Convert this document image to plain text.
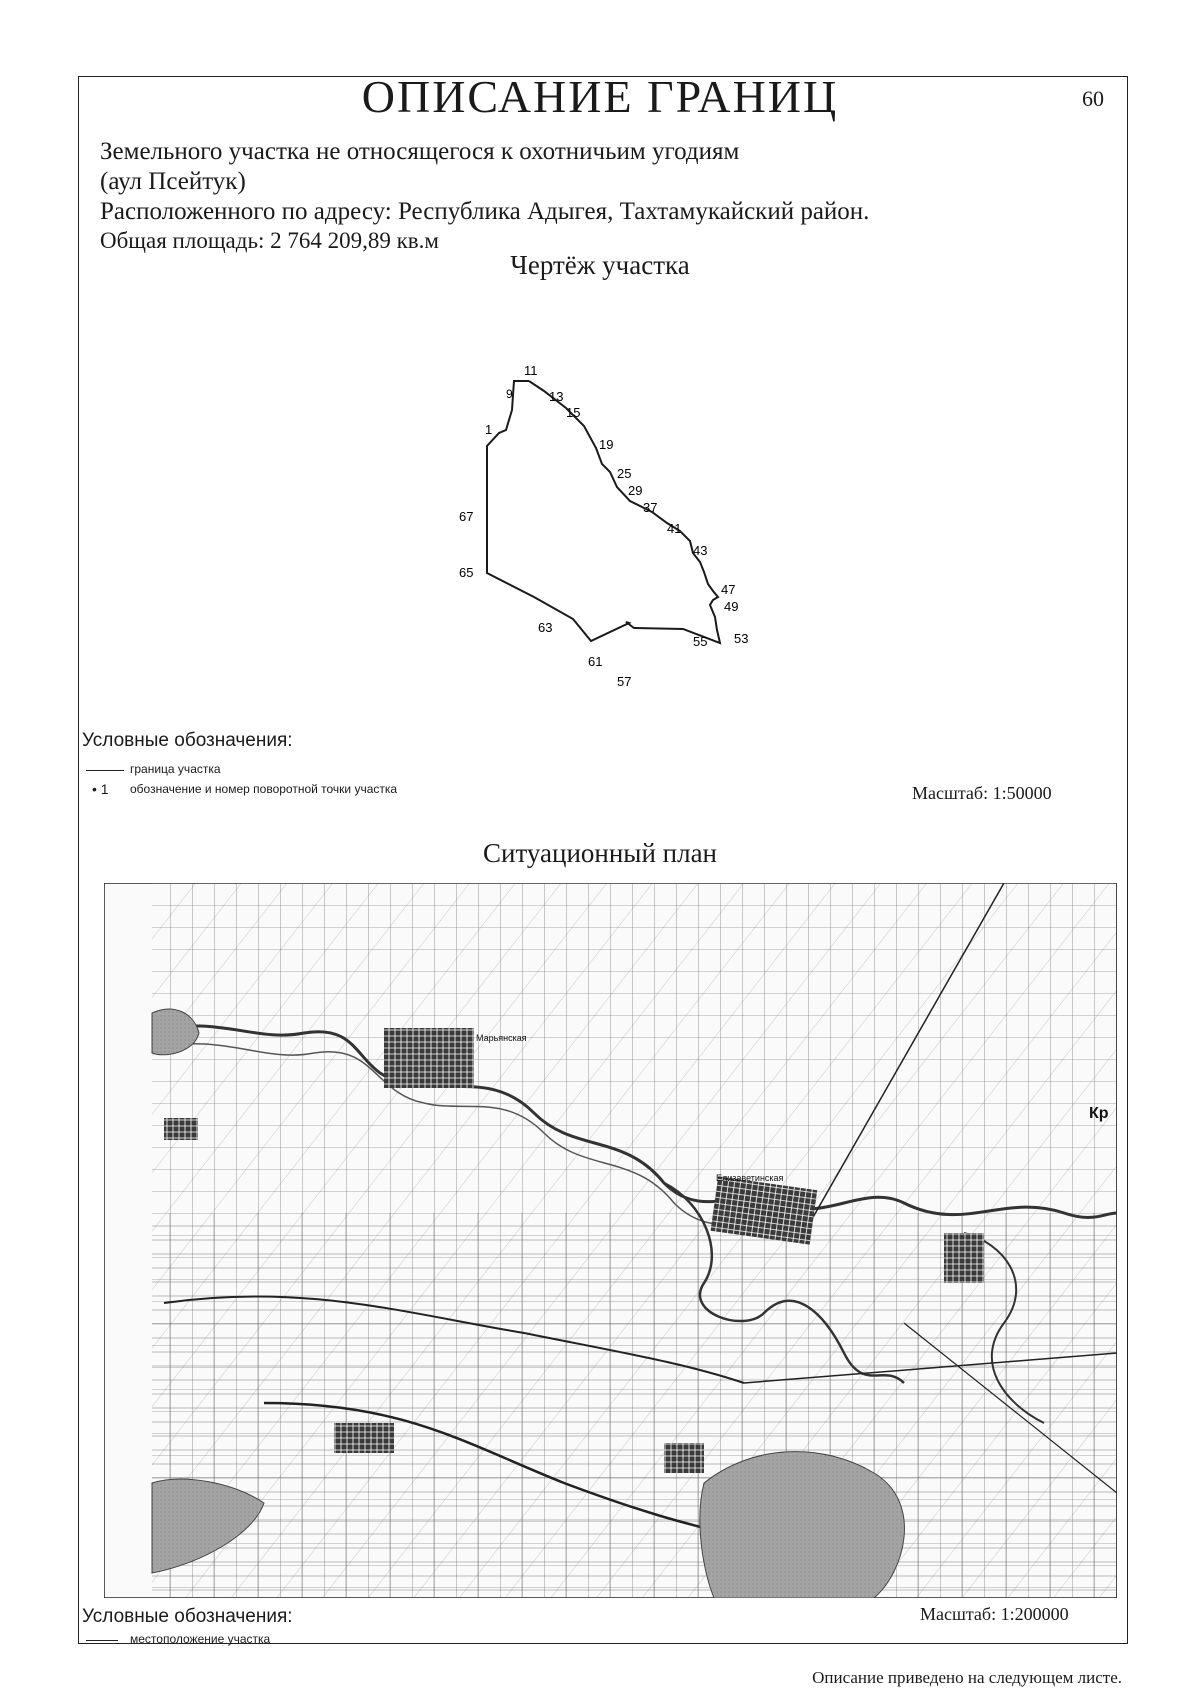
ОПИСАНИЕ ГРАНИЦ	60
Земельного участка не относящегося к охотничьим угодиям
(аул Псейтук)
Расположенного по адресу: Республика Адыгея, Тахтамукайский район.
Общая площадь: 2 764 209,89 кв.м
Чертёж участка
11
9	13
15
1
19
25
29
37
67
41
43
65
47
49
63
55 53
61
57
Условные обозначения:
граница участка
• 1 обозначение и номер поворотной точки участка	Масштаб: 1:50000
Ситуационный план
Марьянская
Елизаветинская
Кр
Условные обозначения:
местоположение участка
Масштаб: 1:200000
Описание приведено на следующем листе.
